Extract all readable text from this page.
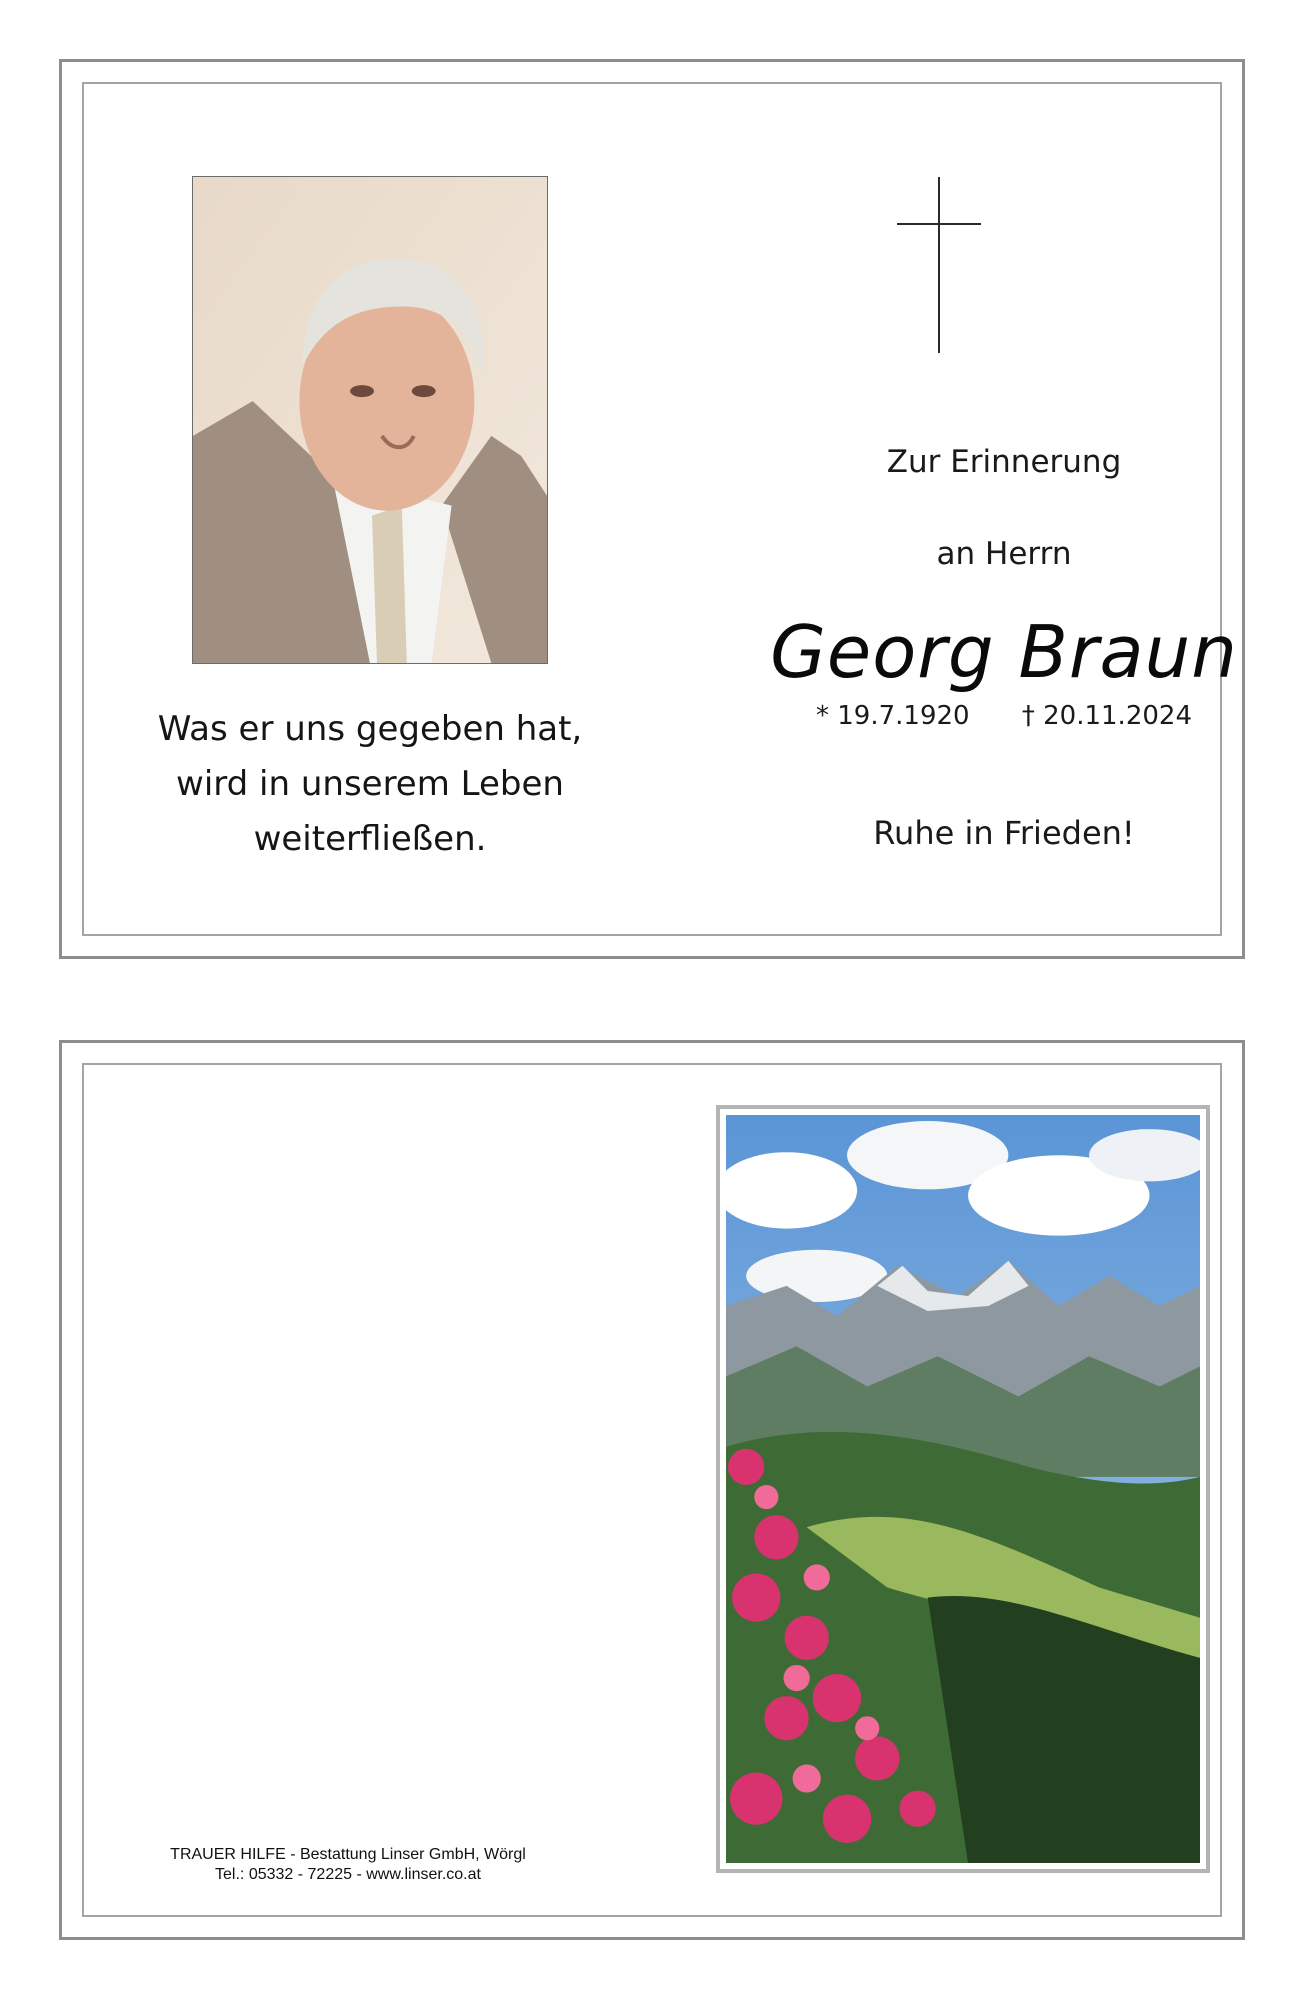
Was er uns gegeben hat,
wird in unserem Leben
weiterfließen.
Zur Erinnerung
an Herrn
Georg Braun
* 19.7.1920 † 20.11.2024
Ruhe in Frieden!
TRAUER HILFE - Bestattung Linser GmbH, Wörgl
Tel.: 05332 - 72225 - www.linser.co.at
